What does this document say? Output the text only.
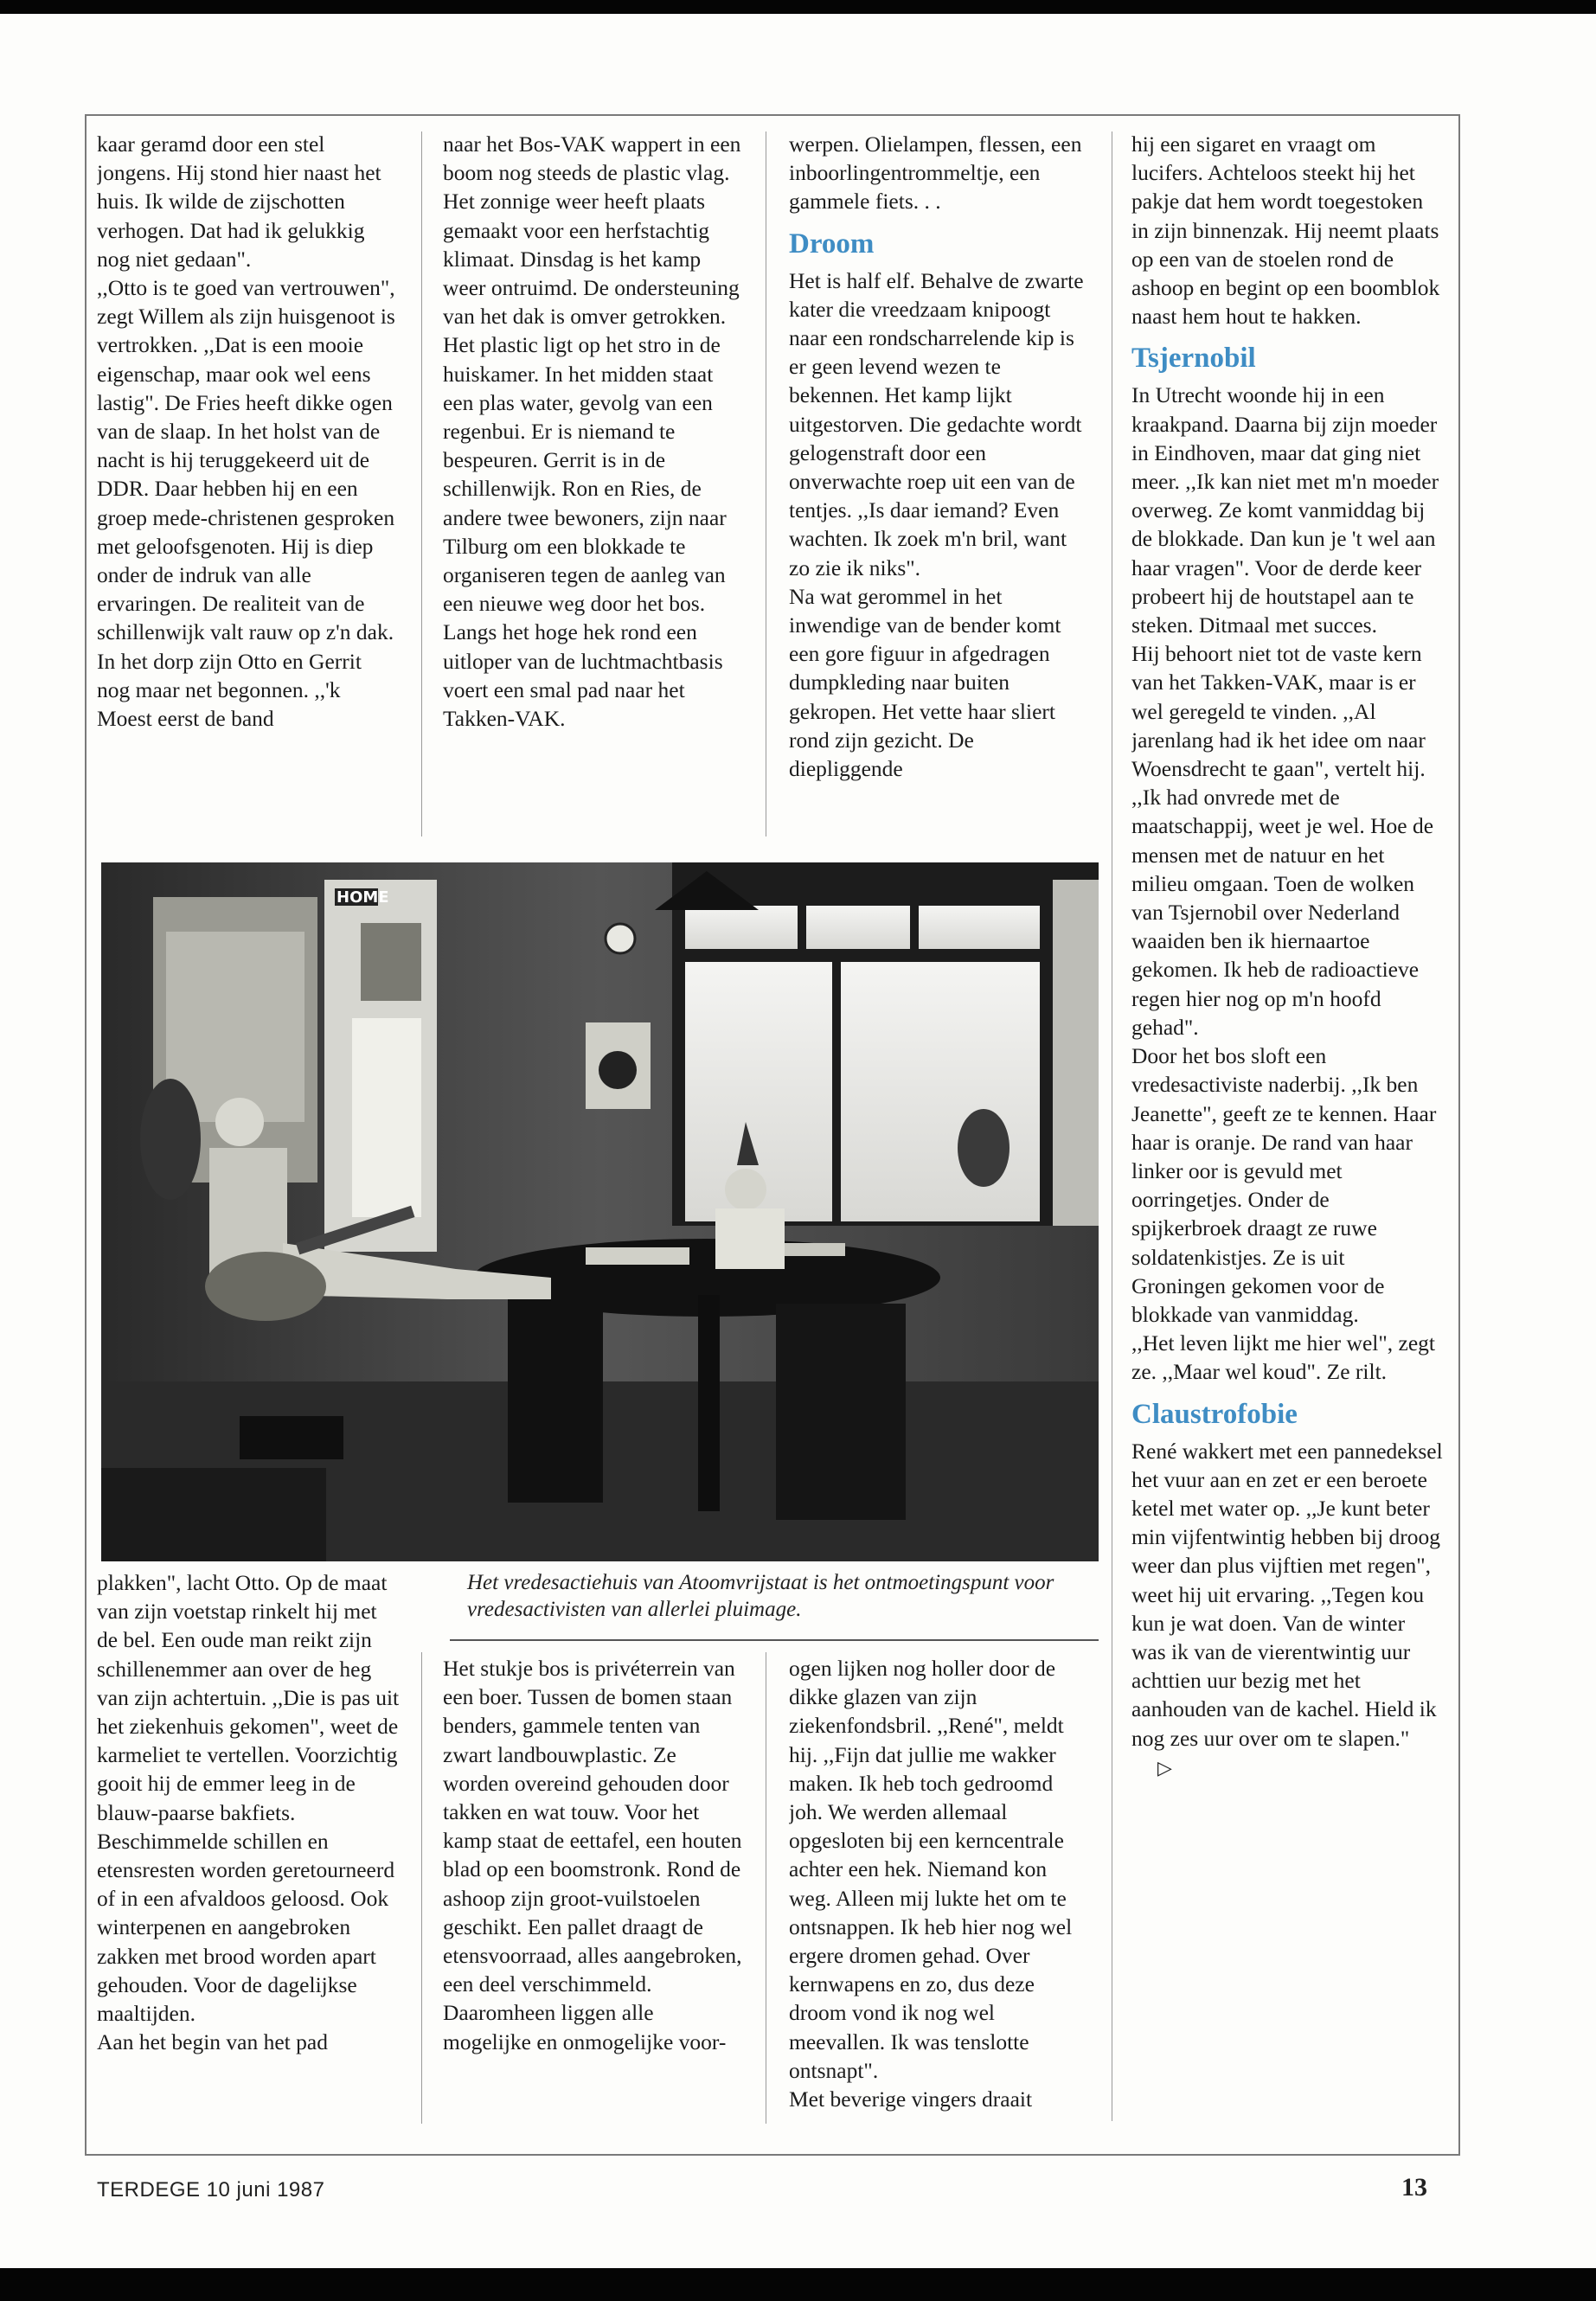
kaar geramd door een stel jongens. Hij stond hier naast het huis. Ik wilde de zijschotten verhogen. Dat had ik gelukkig nog niet gedaan".
,,Otto is te goed van vertrouwen", zegt Willem als zijn huisgenoot is vertrokken. ,,Dat is een mooie eigenschap, maar ook wel eens lastig". De Fries heeft dikke ogen van de slaap. In het holst van de nacht is hij teruggekeerd uit de DDR. Daar hebben hij en een groep mede-christenen gesproken met geloofsgenoten. Hij is diep onder de indruk van alle ervaringen. De realiteit van de schillenwijk valt rauw op z'n dak.
In het dorp zijn Otto en Gerrit nog maar net begonnen. ,,'k Moest eerst de band

naar het Bos-VAK wappert in een boom nog steeds de plastic vlag. Het zonnige weer heeft plaats gemaakt voor een herfstachtig klimaat. Dinsdag is het kamp weer ontruimd. De ondersteuning van het dak is omver getrokken. Het plastic ligt op het stro in de huiskamer. In het midden staat een plas water, gevolg van een regenbui. Er is niemand te bespeuren. Gerrit is in de schillenwijk. Ron en Ries, de andere twee bewoners, zijn naar Tilburg om een blokkade te organiseren tegen de aanleg van een nieuwe weg door het bos.
Langs het hoge hek rond een uitloper van de luchtmachtbasis voert een smal pad naar het Takken-VAK.

werpen. Olielampen, flessen, een inboorlingentrommeltje, een gammele fiets. . .

Droom

Het is half elf. Behalve de zwarte kater die vreedzaam knipoogt naar een rondscharrelende kip is er geen levend wezen te bekennen. Het kamp lijkt uitgestorven. Die gedachte wordt gelogenstraft door een onverwachte roep uit een van de tentjes. ,,Is daar iemand? Even wachten. Ik zoek m'n bril, want zo zie ik niks".
Na wat gerommel in het inwendige van de bender komt een gore figuur in afgedragen dumpkleding naar buiten gekropen. Het vette haar sliert rond zijn gezicht. De diepliggende

hij een sigaret en vraagt om lucifers. Achteloos steekt hij het pakje dat hem wordt toegestoken in zijn binnenzak. Hij neemt plaats op een van de stoelen rond de ashoop en begint op een boomblok naast hem hout te hakken.

Tsjernobil

In Utrecht woonde hij in een kraakpand. Daarna bij zijn moeder in Eindhoven, maar dat ging niet meer. ,,Ik kan niet met m'n moeder overweg. Ze komt vanmiddag bij de blokkade. Dan kun je 't wel aan haar vragen". Voor de derde keer probeert hij de houtstapel aan te steken. Ditmaal met succes.
Hij behoort niet tot de vaste kern van het Takken-VAK, maar is er wel geregeld te vinden. ,,Al jarenlang had ik het idee om naar Woensdrecht te gaan", vertelt hij. ,,Ik had onvrede met de maatschappij, weet je wel. Hoe de mensen met de natuur en het milieu omgaan. Toen de wolken van Tsjernobil over Nederland waaiden ben ik hiernaartoe gekomen. Ik heb de radioactieve regen hier nog op m'n hoofd gehad".
Door het bos sloft een vredesactiviste naderbij. ,,Ik ben Jeanette", geeft ze te kennen. Haar haar is oranje. De rand van haar linker oor is gevuld met oorringetjes. Onder de spijkerbroek draagt ze ruwe soldatenkistjes. Ze is uit Groningen gekomen voor de blokkade van vanmiddag.
,,Het leven lijkt me hier wel", zegt ze. ,,Maar wel koud". Ze rilt.

Claustrofobie

René wakkert met een pannedeksel het vuur aan en zet er een beroete ketel met water op. ,,Je kunt beter min vijfentwintig hebben bij droog weer dan plus vijftien met regen", weet hij uit ervaring. ,,Tegen kou kun je wat doen. Van de winter was ik van de vierentwintig uur achttien uur bezig met het aanhouden van de kachel. Hield ik nog zes uur over om te slapen."▷

HOME
Het vredesactiehuis van Atoomvrijstaat is het ontmoetingspunt voor vredesactivisten van allerlei pluimage.

plakken", lacht Otto. Op de maat van zijn voetstap rinkelt hij met de bel. Een oude man reikt zijn schillenemmer aan over de heg van zijn achtertuin. ,,Die is pas uit het ziekenhuis gekomen", weet de karmeliet te vertellen. Voorzichtig gooit hij de emmer leeg in de blauw-paarse bakfiets. Beschimmelde schillen en etensresten worden geretourneerd of in een afvaldoos geloosd. Ook winterpenen en aangebroken zakken met brood worden apart gehouden. Voor de dagelijkse maaltijden.
Aan het begin van het pad

Het stukje bos is privéterrein van een boer. Tussen de bomen staan benders, gammele tenten van zwart landbouwplastic. Ze worden overeind gehouden door takken en wat touw. Voor het kamp staat de eettafel, een houten blad op een boomstronk. Rond de ashoop zijn groot-vuilstoelen geschikt. Een pallet draagt de etensvoorraad, alles aangebroken, een deel verschimmeld. Daaromheen liggen alle mogelijke en onmogelijke voor-

ogen lijken nog holler door de dikke glazen van zijn ziekenfondsbril. ,,René", meldt hij. ,,Fijn dat jullie me wakker maken. Ik heb toch gedroomd joh. We werden allemaal opgesloten bij een kerncentrale achter een hek. Niemand kon weg. Alleen mij lukte het om te ontsnappen. Ik heb hier nog wel ergere dromen gehad. Over kernwapens en zo, dus deze droom vond ik nog wel meevallen. Ik was tenslotte ontsnapt".
Met beverige vingers draait

TERDEGE 10 juni 1987	13
